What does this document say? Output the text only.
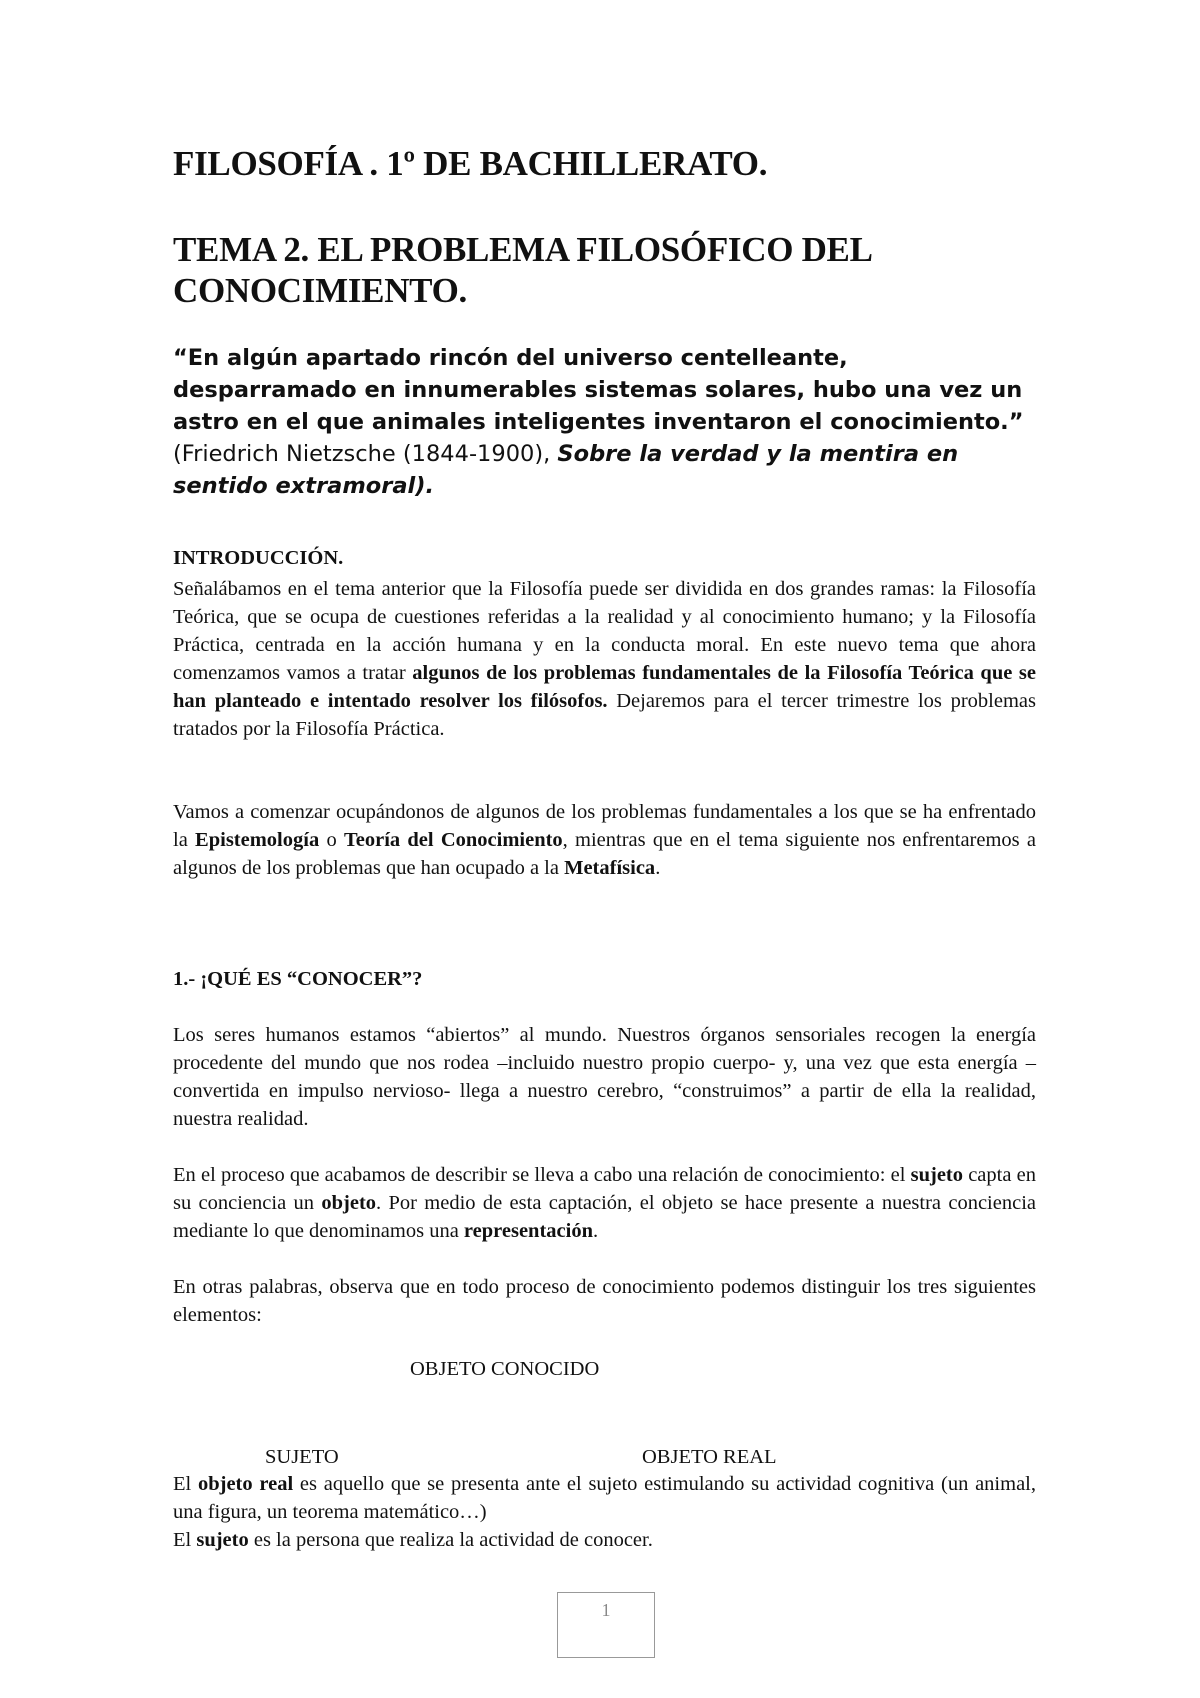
FILOSOFÍA . 1º DE BACHILLERATO.
TEMA 2. EL PROBLEMA FILOSÓFICO DEL CONOCIMIENTO.
“En algún apartado rincón del universo centelleante, desparramado en innumerables sistemas solares, hubo una vez un astro en el que animales inteligentes inventaron el conocimiento.”
(Friedrich Nietzsche (1844-1900), Sobre la verdad y la mentira en sentido extramoral).

INTRODUCCIÓN.

Señalábamos en el tema anterior que la Filosofía puede ser dividida en dos grandes ramas: la Filosofía Teórica, que se ocupa de cuestiones referidas a la realidad y al conocimiento humano; y la Filosofía Práctica, centrada en la acción humana y en la conducta moral. En este nuevo tema que ahora comenzamos vamos a tratar algunos de los problemas fundamentales de la Filosofía Teórica que se han planteado e intentado resolver los filósofos. Dejaremos para el tercer trimestre los problemas tratados por la Filosofía Práctica.

Vamos a comenzar ocupándonos de algunos de los problemas fundamentales a los que se ha enfrentado la Epistemología o Teoría del Conocimiento, mientras que en el tema siguiente nos enfrentaremos a algunos de los problemas que han ocupado a la Metafísica.

1.- ¡QUÉ ES “CONOCER”?

Los seres humanos estamos “abiertos” al mundo. Nuestros órganos sensoriales recogen la energía procedente del mundo que nos rodea –incluido nuestro propio cuerpo- y, una vez que esta energía –convertida en impulso nervioso- llega a nuestro cerebro, “construimos” a partir de ella la realidad, nuestra realidad.

En el proceso que acabamos de describir se lleva a cabo una relación de conocimiento: el sujeto capta en su conciencia un objeto. Por medio de esta captación, el objeto se hace presente a nuestra conciencia mediante lo que denominamos una representación.

En otras palabras, observa que en todo proceso de conocimiento podemos distinguir los tres siguientes elementos:

OBJETO CONOCIDO
SUJETO	OBJETO REAL

El objeto real es aquello que se presenta ante el sujeto estimulando su actividad cognitiva (un animal, una figura, un teorema matemático…)

El sujeto es la persona que realiza la actividad de conocer.

1
